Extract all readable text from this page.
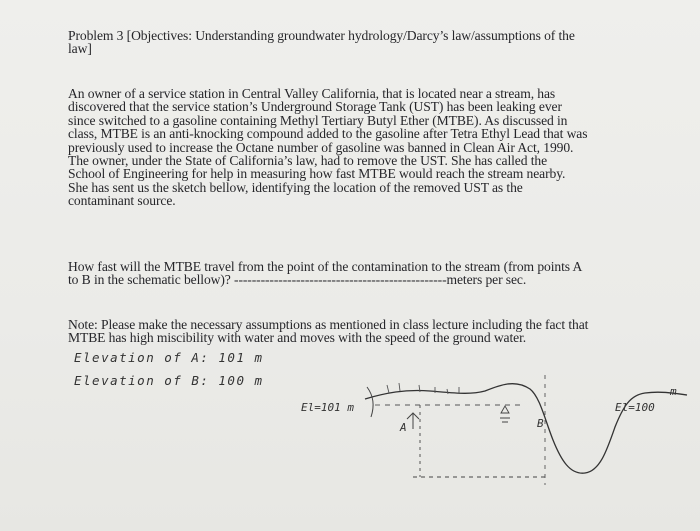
Problem 3 [Objectives: Understanding groundwater hydrology/Darcy’s law/assumptions of the
law]
An owner of a service station in Central Valley California, that is located near a stream, has
discovered that the service station’s Underground Storage Tank (UST) has been leaking ever
since switched to a gasoline containing Methyl Tertiary Butyl Ether (MTBE). As discussed in
class, MTBE is an anti-knocking compound added to the gasoline after Tetra Ethyl Lead that was
previously used to increase the Octane number of gasoline was banned in Clean Air Act, 1990.
The owner, under the State of California’s law, had to remove the UST. She has called the
School of Engineering for help in measuring how fast MTBE would reach the stream nearby.
She has sent us the sketch bellow, identifying the location of the removed UST as the
contaminant source.
How fast will the MTBE travel from the point of the contamination to the stream (from points A
to B in the schematic bellow)? ------------------------------------------------meters per sec.
Note: Please make the necessary assumptions as mentioned in class lecture including the fact that
MTBE has high miscibility with water and moves with the speed of the ground water.
Elevation of A: 101 m
Elevation of B: 100 m
El=101 m
A	B
El=100
m
